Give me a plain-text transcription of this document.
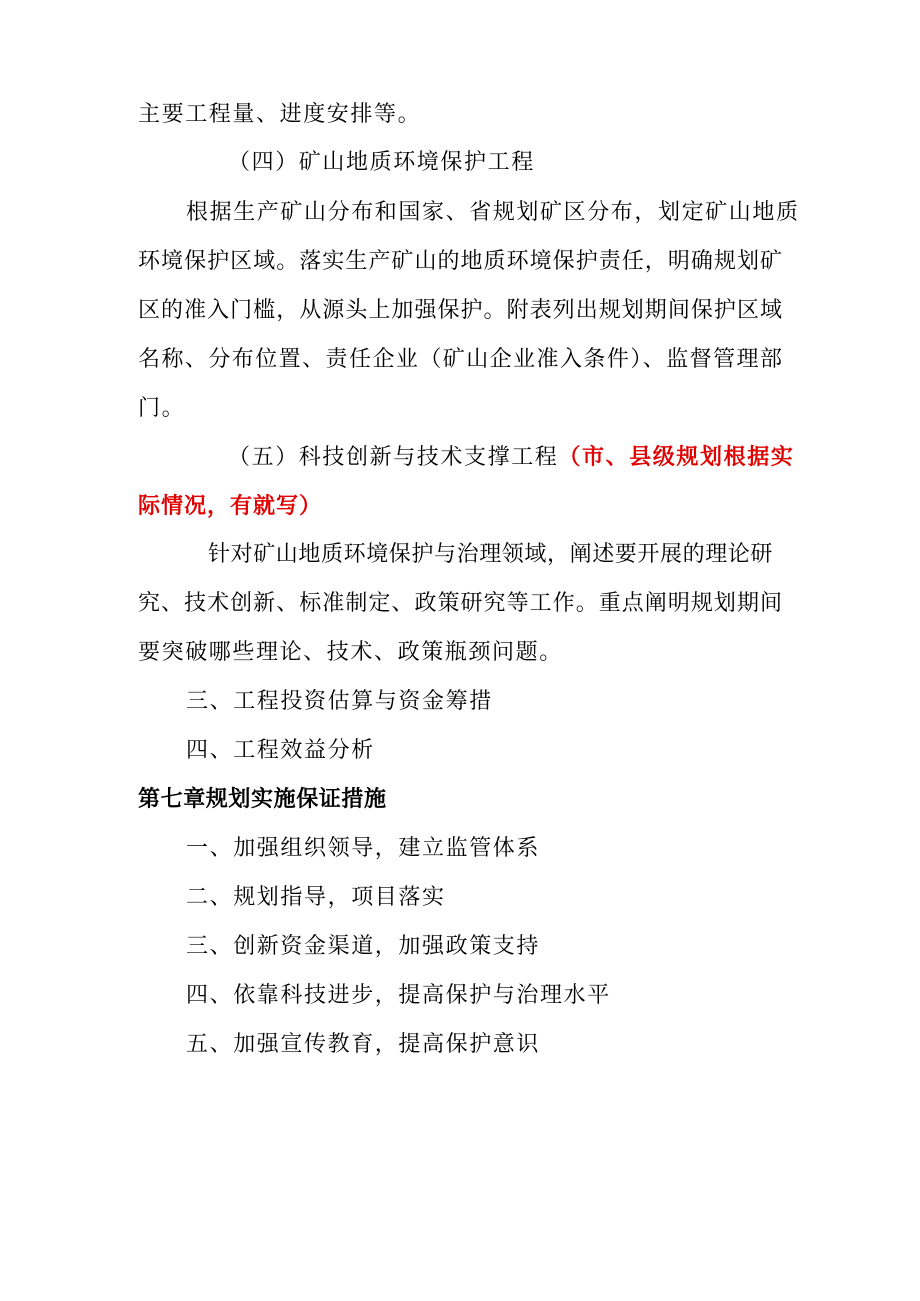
主要工程量、进度安排等。
（四）矿山地质环境保护工程
根据生产矿山分布和国家、省规划矿区分布，划定矿山地质
环境保护区域。落实生产矿山的地质环境保护责任，明确规划矿
区的准入门槛，从源头上加强保护。附表列出规划期间保护区域
名称、分布位置、责任企业（矿山企业准入条件）、监督管理部
门。
（五）科技创新与技术支撑工程（市、县级规划根据实
际情况，有就写）
针对矿山地质环境保护与治理领域，阐述要开展的理论研
究、技术创新、标准制定、政策研究等工作。重点阐明规划期间
要突破哪些理论、技术、政策瓶颈问题。
三、工程投资估算与资金筹措
四、工程效益分析
第七章规划实施保证措施
一、加强组织领导，建立监管体系
二、规划指导，项目落实
三、创新资金渠道，加强政策支持
四、依靠科技进步，提高保护与治理水平
五、加强宣传教育，提高保护意识
